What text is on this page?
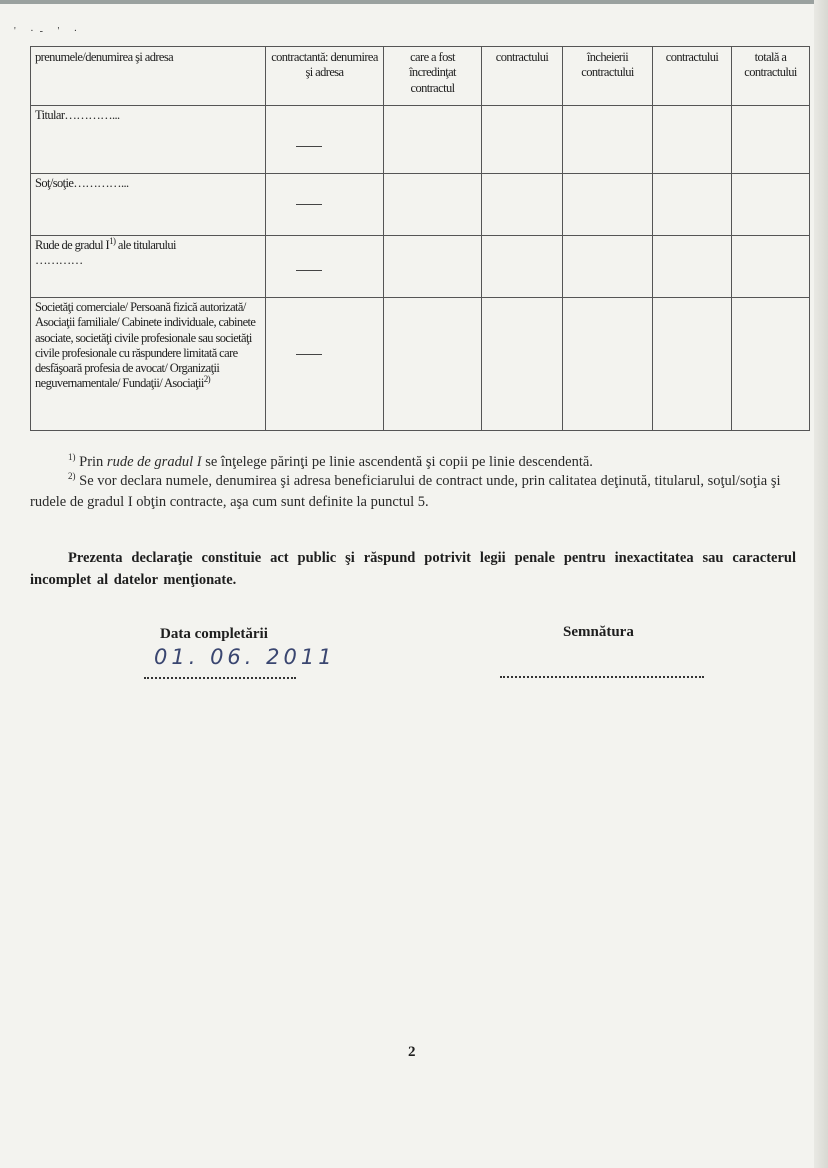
' ·- ' ·
prenumele/denumirea şi adresa	contractantă: denumirea şi adresa	care a fost încredinţat contractul	contractului	încheierii contractului	contractului	totală a contractului
Titular…………...	

Soţ/soţie…………...	

Rude de gradul I$^{1)}$ ale titularului
…………						

Societăţi comerciale/ Persoană fizică autorizată/ Asociaţii familiale/ Cabinete individuale, cabinete asociate, societăţi civile profesionale sau societăţi civile profesionale cu răspundere limitată care desfăşoară profesia de avocat/ Organizaţii neguvernamentale/ Fundaţii/ Asociaţii$^{2)}$	

$^{1)}$ Prin rude de gradul I se înţelege părinţi pe linie ascendentă şi copii pe linie descendentă.
$^{2)}$ Se vor declara numele, denumirea şi adresa beneficiarului de contract unde, prin calitatea deţinută, titularul, soţul/soţia şi rudele de gradul I obţin contracte, aşa cum sunt definite la punctul 5.
Prezenta declaraţie constituie act public şi răspund potrivit legii penale pentru inexactitatea sau caracterul incomplet al datelor menţionate.
Data completării
01. 06. 2011
Semnătura
2
